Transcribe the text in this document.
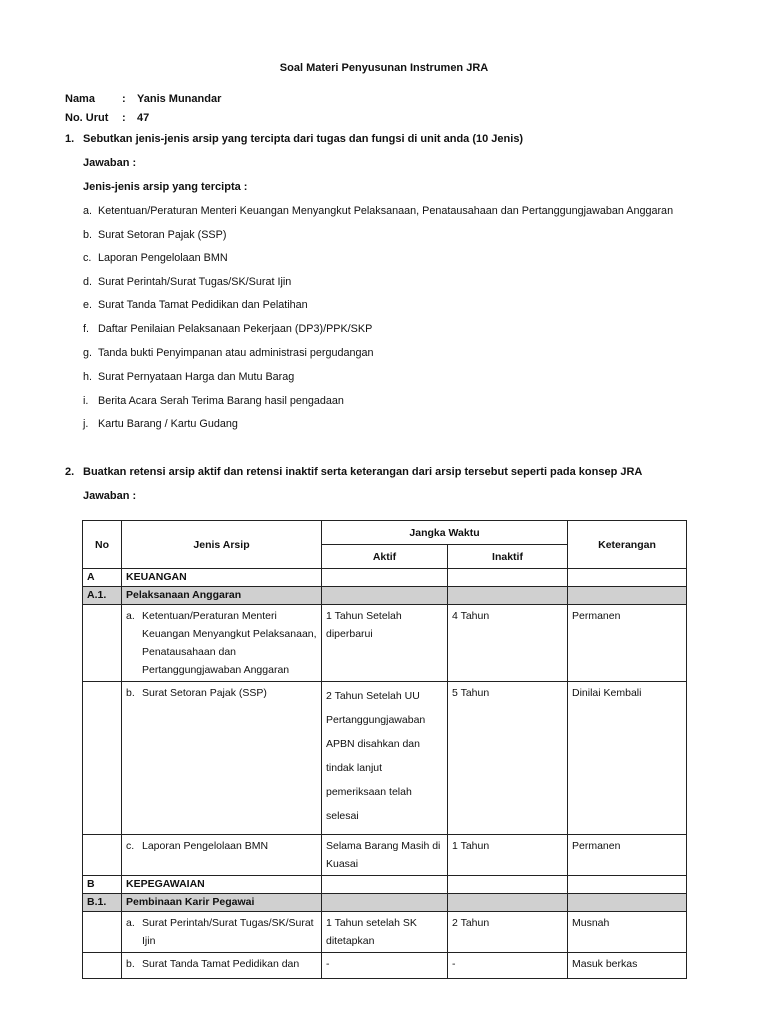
Soal Materi Penyusunan Instrumen JRA
Nama : Yanis Munandar
No. Urut : 47
1. Sebutkan jenis-jenis arsip yang tercipta dari tugas dan fungsi di unit anda (10 Jenis)
Jawaban :
Jenis-jenis arsip yang tercipta :
a. Ketentuan/Peraturan Menteri Keuangan Menyangkut Pelaksanaan, Penatausahaan dan Pertanggungjawaban Anggaran
b. Surat Setoran Pajak (SSP)
c. Laporan Pengelolaan BMN
d. Surat Perintah/Surat Tugas/SK/Surat Ijin
e. Surat Tanda Tamat Pedidikan dan Pelatihan
f. Daftar Penilaian Pelaksanaan Pekerjaan (DP3)/PPK/SKP
g. Tanda bukti Penyimpanan atau administrasi pergudangan
h. Surat Pernyataan Harga dan Mutu Barag
i. Berita Acara Serah Terima Barang hasil pengadaan
j. Kartu Barang / Kartu Gudang
2. Buatkan retensi arsip aktif dan retensi inaktif serta keterangan dari arsip tersebut seperti pada konsep JRA
Jawaban :
No	Jenis Arsip	Jangka Waktu		Keterangan
		Aktif	Inaktif	
A	KEUANGAN			
A.1.	Pelaksanaan Anggaran			

	a. Ketentuan/Peraturan Menteri Keuangan Menyangkut Pelaksanaan, Penatausahaan dan Pertanggungjawaban Anggaran	1 Tahun Setelah diperbarui	4 Tahun	Permanen

	b. Surat Setoran Pajak (SSP)	2 Tahun Setelah UU Pertanggungjawaban APBN disahkan dan tindak lanjut pemeriksaan telah selesai	5 Tahun	Dinilai Kembali

	c. Laporan Pengelolaan BMN	Selama Barang Masih di Kuasai	1 Tahun	Permanen
B	KEPEGAWAIAN			
B.1.	Pembinaan Karir Pegawai			

	a. Surat Perintah/Surat Tugas/SK/Surat Ijin	1 Tahun setelah SK ditetapkan	2 Tahun	Musnah

	b. Surat Tanda Tamat Pedidikan dan	-	-	Masuk berkas
